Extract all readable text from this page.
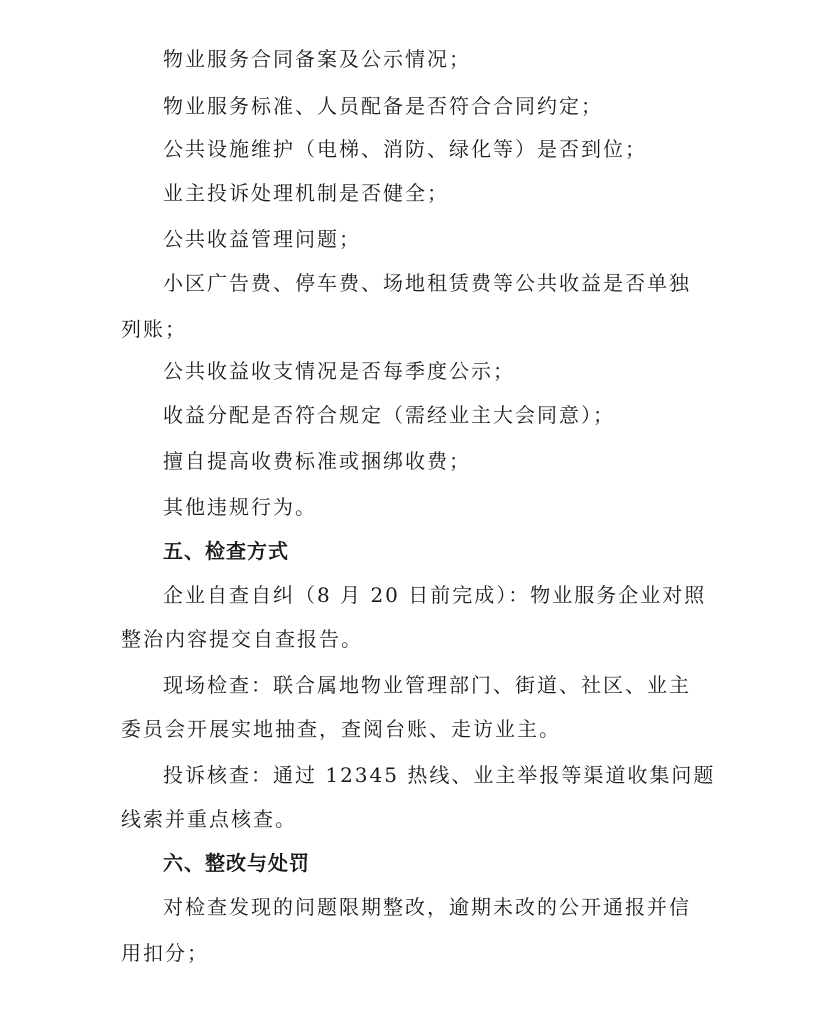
物业服务合同备案及公示情况；
物业服务标准、人员配备是否符合合同约定；
公共设施维护（电梯、消防、绿化等）是否到位；
业主投诉处理机制是否健全；
公共收益管理问题；
小区广告费、停车费、场地租赁费等公共收益是否单独
列账；
公共收益收支情况是否每季度公示；
收益分配是否符合规定（需经业主大会同意）；
擅自提高收费标准或捆绑收费；
其他违规行为。
五、检查方式
企业自查自纠（8 月 20 日前完成）：物业服务企业对照
整治内容提交自查报告。
现场检查：联合属地物业管理部门、街道、社区、业主
委员会开展实地抽查，查阅台账、走访业主。
投诉核查：通过 12345 热线、业主举报等渠道收集问题
线索并重点核查。
六、整改与处罚
对检查发现的问题限期整改，逾期未改的公开通报并信
用扣分；
